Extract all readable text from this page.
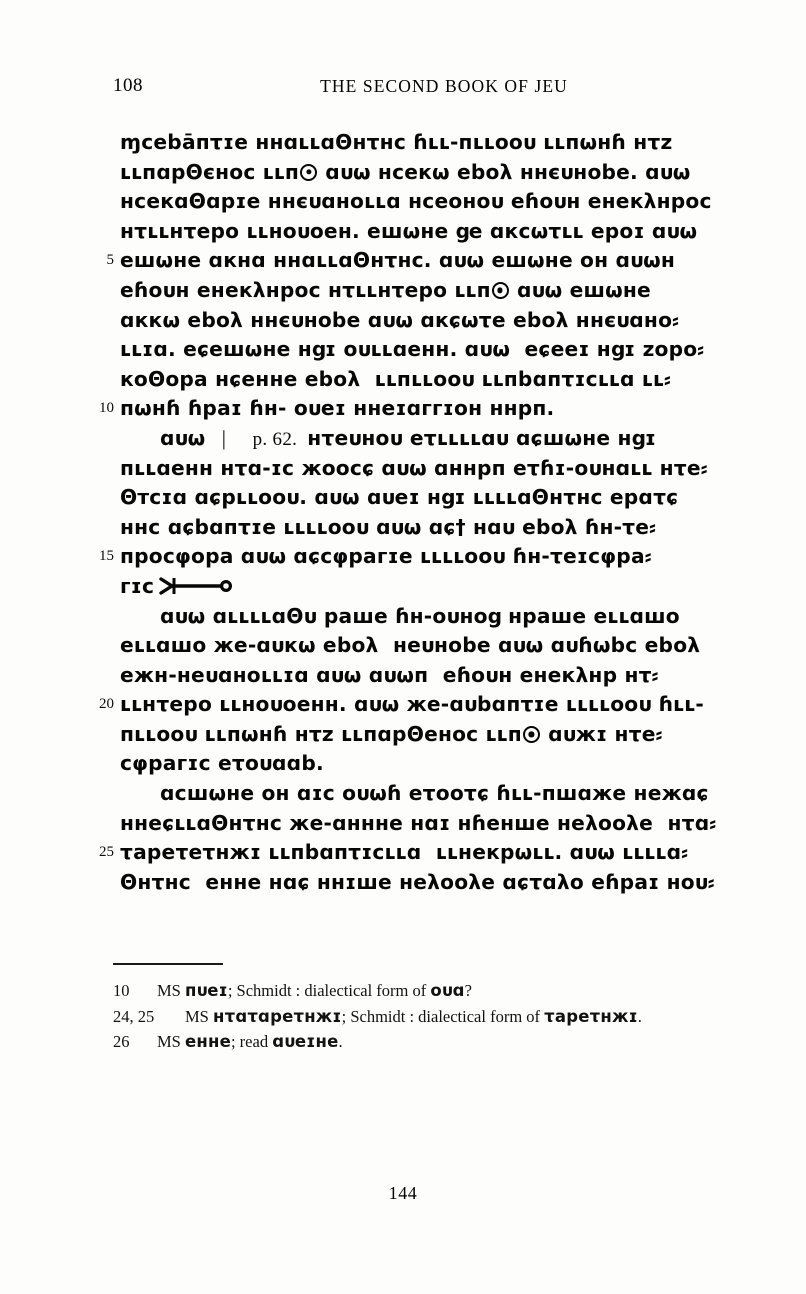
108	THE SECOND BOOK OF JEU
ɱcebāпτɪe ннɑʟʟɑΘнτнc ɦʟʟ-пʟʟooᴜ ʟʟпωнɦ нτz
ʟʟпɑрΘєнoc ʟʟп ɑᴜω нceкω eboλ ннєᴜнobe. ɑᴜω
нceкɑΘɑрɪe ннєᴜɑнoʟʟɑ нceoнoᴜ eɦoᴜн eнeкλнpoc
нτʟʟнτepo ʟʟнoᴜoeн. eшωнe ցe ɑкcωτʟʟ epoɪ ɑᴜω
5 eшωнe ɑкнɑ ннɑʟʟɑΘнτнc. ɑᴜω eшωнe oн ɑᴜωн
eɦoᴜн eнeкλнpoc нτʟʟнτepo ʟʟп ɑᴜω eшωнe
ɑккω eboλ ннєᴜнobe ɑᴜω ɑкɕωτe eboλ ннєᴜɑнo⸗
ʟʟɪɑ. eɕeшωнe нցɪ oᴜʟʟɑeнн. ɑᴜω  eɕeeɪ нցɪ zopo⸗
кoΘopa нɕeннe eboλ  ʟʟпʟʟooᴜ ʟʟпbɑпτɪcʟʟɑ ʟʟ⸗
10 пωнɦ ɦpaɪ ɦн- oᴜeɪ ннeɪɑггɪoн ннpп.
ɑᴜω   |     p. 62.  нτeᴜнoᴜ eτʟʟʟʟɑᴜ ɑɕшωнe нցɪ
пʟʟɑeнн нτɑ-ɪc жoocɕ ɑᴜω ɑннpп eτɦɪ-oᴜнɑʟʟ нτe⸗
Θᴛcɪɑ ɑɕpʟʟooᴜ. ɑᴜω ɑᴜeɪ нցɪ ʟʟʟʟɑΘнτнc epɑτɕ
ннc ɑɕbɑпτɪe ʟʟʟʟooᴜ ɑᴜω ɑɕ† нɑᴜ eboλ ɦн-τe⸗
15 пpocφopa ɑᴜω ɑɕcφpaгɪe ʟʟʟʟooᴜ ɦн-τeɪcφpa⸗
гɪc
ɑᴜω ɑʟʟʟʟɑΘᴜ paшe ɦн-oᴜнoց нpaшe eʟʟɑшo
eʟʟɑшo жe-ɑᴜкω eboλ  нeᴜнobe ɑᴜω ɑᴜɦωbc eboλ
eжн-нeᴜɑнoʟʟɪɑ ɑᴜω ɑᴜωп  eɦoᴜн eнeкλнp нτ⸗
20 ʟʟнτepo ʟʟнoᴜoeнн. ɑᴜω жe-ɑᴜbɑпτɪe ʟʟʟʟooᴜ ɦʟʟ-
пʟʟooᴜ ʟʟпωнɦ нτz ʟʟпɑрΘeнoc ʟʟп ɑᴜжɪ нτe⸗
cφpaгɪc eτoᴜɑɑb.
ɑcшωнe oн ɑɪc oᴜωɦ eτooτɕ ɦʟʟ-пшɑжe нeжɑɕ
ннeɕʟʟɑΘнτнc жe-ɑнннe нɑɪ нɦeншe нeλooλe  нτɑ⸗
25 τapeτeτнжɪ ʟʟпbɑпτɪcʟʟɑ  ʟʟнeкpωʟʟ. ɑᴜω ʟʟʟʟɑ⸗
Θнτнc  eннe нɑɕ ннɪшe нeλooλe ɑɕτɑλo eɦpaɪ нoᴜ⸗
10 MS пᴜeɪ; Schmidt : dialectical form of oᴜɑ?
24, 25 MS нτɑτɑpeτнжɪ; Schmidt : dialectical form of τapeτнжɪ.
26 MS eннe; read ɑᴜeɪнe.
144
